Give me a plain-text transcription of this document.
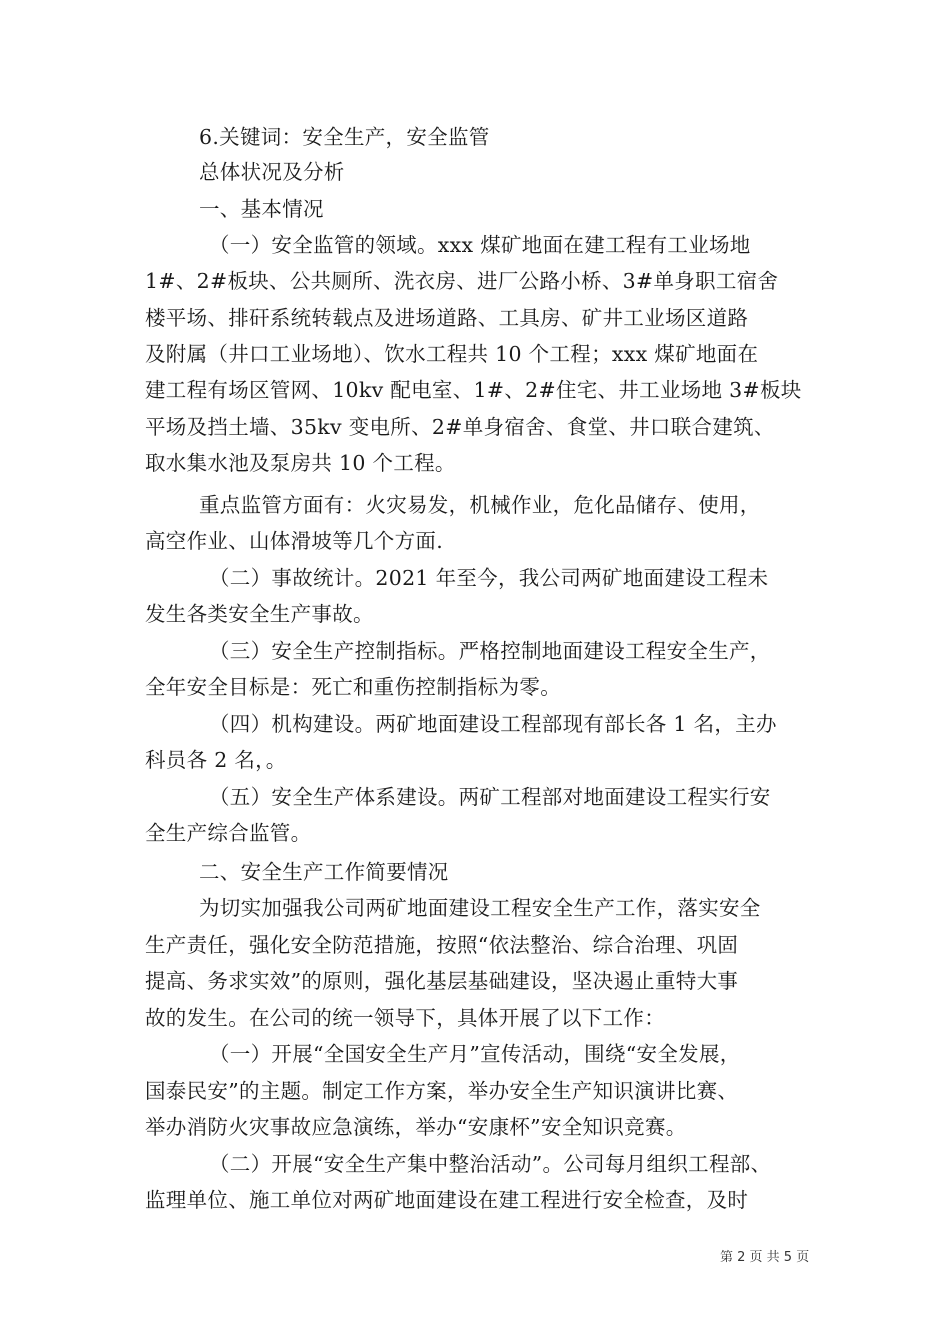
6.关键词：安全生产，安全监管
总体状况及分析
一、基本情况
（一）安全监管的领域。xxx 煤矿地面在建工程有工业场地
1#、2#板块、公共厕所、洗衣房、进厂公路小桥、3#单身职工宿舍
楼平场、排矸系统转载点及进场道路、工具房、矿井工业场区道路
及附属（井口工业场地）、饮水工程共 10 个工程；xxx 煤矿地面在
建工程有场区管网、10kv 配电室、1#、2#住宅、井工业场地 3#板块
平场及挡土墙、35kv 变电所、2#单身宿舍、食堂、井口联合建筑、
取水集水池及泵房共 10 个工程。
重点监管方面有：火灾易发，机械作业，危化品储存、使用，
高空作业、山体滑坡等几个方面.
（二）事故统计。2021 年至今，我公司两矿地面建设工程未
发生各类安全生产事故。
（三）安全生产控制指标。严格控制地面建设工程安全生产，
全年安全目标是：死亡和重伤控制指标为零。
（四）机构建设。两矿地面建设工程部现有部长各 1 名，主办
科员各 2 名，。
（五）安全生产体系建设。两矿工程部对地面建设工程实行安
全生产综合监管。
二、安全生产工作简要情况
为切实加强我公司两矿地面建设工程安全生产工作，落实安全
生产责任，强化安全防范措施，按照“依法整治、综合治理、巩固
提高、务求实效”的原则，强化基层基础建设，坚决遏止重特大事
故的发生。在公司的统一领导下，具体开展了以下工作：
（一）开展“全国安全生产月”宣传活动，围绕“安全发展，
国泰民安”的主题。制定工作方案，举办安全生产知识演讲比赛、
举办消防火灾事故应急演练，举办“安康杯”安全知识竞赛。
（二）开展“安全生产集中整治活动”。公司每月组织工程部、
监理单位、施工单位对两矿地面建设在建工程进行安全检查，及时
第 2 页 共 5 页
